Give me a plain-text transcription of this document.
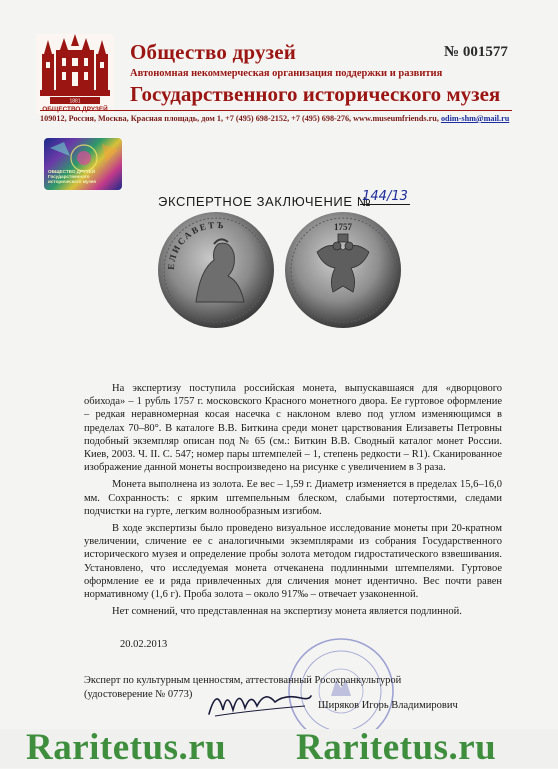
1881
Общество друзей
Автономная некоммерческая организация поддержки и развития
Государственного исторического музея
№ 001577
109012, Россия, Москва, Красная площадь, дом 1, +7 (495) 698-2152, +7 (495) 698-276, www.museumfriends.ru, odim-shm@mail.ru
ОБЩЕСТВО ДРУЗЕЙ Государственного исторического музея
ЭКСПЕРТНОЕ ЗАКЛЮЧЕНИЕ №
144/13
ЕЛИСАВЕТЪ	1757

На экспертизу поступила российская монета, выпускавшаяся для «дворцового обихода» – 1 рубль 1757 г. московского Красного монетного двора. Ее гуртовое оформление – редкая неравномерная косая насечка с наклоном влево под углом изменяющимся в пределах 70–80°. В каталоге В.В. Биткина среди монет царствования Елизаветы Петровны подобный экземпляр описан под № 65 (см.: Биткин В.В. Сводный каталог монет России. Киев, 2003. Ч. II. С. 547; номер пары штемпелей – 1, степень редкости – R1). Сканированное изображение данной монеты воспроизведено на рисунке с увеличением в 3 раза.

Монета выполнена из золота. Ее вес – 1,59 г. Диаметр изменяется в пределах 15,6–16,0 мм. Сохранность: с ярким штемпельным блеском, слабыми потертостями, следами подчистки на гурте, легким волнообразным изгибом.

В ходе экспертизы было проведено визуальное исследование монеты при 20-кратном увеличении, сличение ее с аналогичными экземплярами из собрания Государственного исторического музея и определение пробы золота методом гидростатического взвешивания. Установлено, что исследуемая монета отчеканена подлинными штемпелями. Гуртовое оформление ее и ряда привлеченных для сличения монет идентично. Вес почти равен нормативному (1,6 г). Проба золота – около 917‰ – отвечает узаконенной.

Нет сомнений, что представленная на экспертизу монета является подлинной.

20.02.2013
Эксперт по культурным ценностям, аттестованный Росохранкультурой
(удостоверение № 0773)
Ширяков Игорь Владимирович
Raritetus.ru Raritetus.ru
